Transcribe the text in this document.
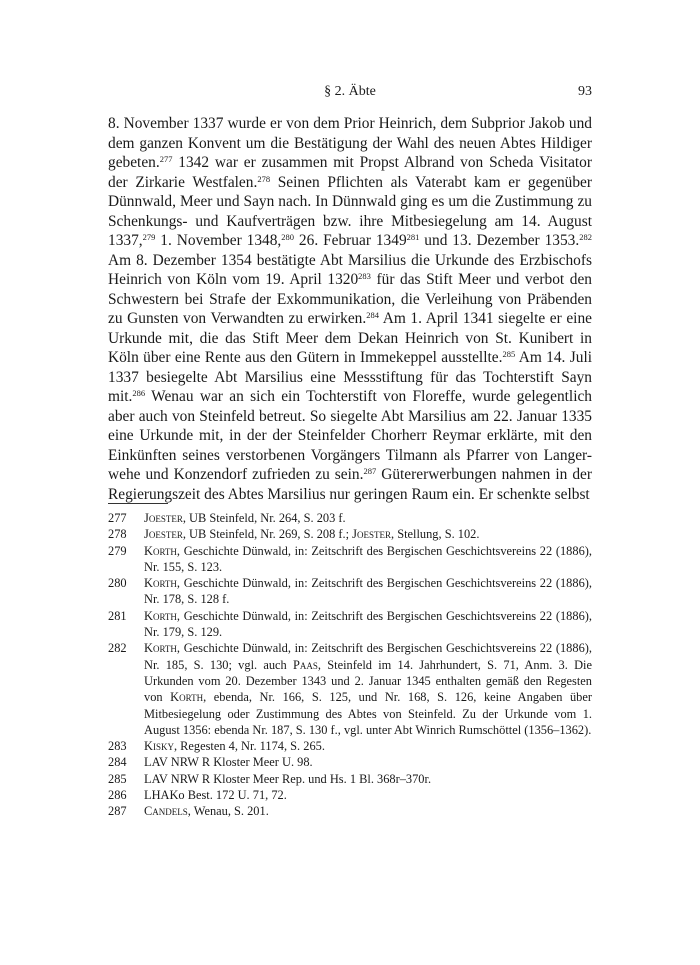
§ 2. Äbte	93

8. November 1337 wurde er von dem Prior Heinrich, dem Subprior Jakob und dem ganzen Konvent um die Bestätigung der Wahl des neuen Abtes Hildiger gebeten.$^{277}$ 1342 war er zusammen mit Propst Albrand von Scheda Visitator der Zirkarie Westfalen.$^{278}$ Seinen Pflichten als Vaterabt kam er gegenüber Dünnwald, Meer und Sayn nach. In Dünnwald ging es um die Zustimmung zu Schenkungs- und Kaufverträgen bzw. ihre Mitbesiegelung am 14. August 1337,$^{279}$ 1. November 1348,$^{280}$ 26. Februar 1349$^{281}$ und 13. Dezember 1353.$^{282}$ Am 8. Dezember 1354 bestätigte Abt Marsilius die Urkunde des Erzbischofs Heinrich von Köln vom 19. April 1320$^{283}$ für das Stift Meer und verbot den Schwestern bei Strafe der Exkommunikation, die Verleihung von Präbenden zu Gunsten von Verwandten zu erwirken.$^{284}$ Am 1. April 1341 siegelte er eine Urkunde mit, die das Stift Meer dem Dekan Heinrich von St. Kunibert in Köln über eine Rente aus den Gütern in Immekeppel ausstellte.$^{285}$ Am 14. Juli 1337 besiegelte Abt Marsilius eine Messstiftung für das Tochterstift Sayn mit.$^{286}$ Wenau war an sich ein Tochterstift von Floreffe, wurde gelegentlich aber auch von Steinfeld betreut. So siegelte Abt Marsilius am 22. Januar 1335 eine Urkunde mit, in der der Steinfelder Chorherr Reymar erklärte, mit den Einkünften seines verstorbenen Vorgängers Tilmann als Pfarrer von Langer-wehe und Konzendorf zufrieden zu sein.$^{287}$ Gütererwerbungen nahmen in der Regierungszeit des Abtes Marsilius nur geringen Raum ein. Er schenkte selbst

277	Joester, UB Steinfeld, Nr. 264, S. 203 f.
278	Joester, UB Steinfeld, Nr. 269, S. 208 f.; Joester, Stellung, S. 102.
279	Korth, Geschichte Dünwald, in: Zeitschrift des Bergischen Geschichtsvereins 22 (1886), Nr. 155, S. 123.
280	Korth, Geschichte Dünwald, in: Zeitschrift des Bergischen Geschichtsvereins 22 (1886), Nr. 178, S. 128 f.
281	Korth, Geschichte Dünwald, in: Zeitschrift des Bergischen Geschichtsvereins 22 (1886), Nr. 179, S. 129.
282	Korth, Geschichte Dünwald, in: Zeitschrift des Bergischen Geschichtsvereins 22 (1886), Nr. 185, S. 130; vgl. auch Paas, Steinfeld im 14. Jahrhundert, S. 71, Anm. 3. Die Urkunden vom 20. Dezember 1343 und 2. Januar 1345 enthalten gemäß den Regesten von Korth, ebenda, Nr. 166, S. 125, und Nr. 168, S. 126, keine Angaben über Mitbesiegelung oder Zustimmung des Abtes von Steinfeld. Zu der Urkunde vom 1. August 1356: ebenda Nr. 187, S. 130 f., vgl. unter Abt Winrich Rumschöttel (1356–1362).
283	Kisky, Regesten 4, Nr. 1174, S. 265.
284	LAV NRW R Kloster Meer U. 98.
285	LAV NRW R Kloster Meer Rep. und Hs. 1 Bl. 368r–370r.
286	LHAKo Best. 172 U. 71, 72.
287	Candels, Wenau, S. 201.
